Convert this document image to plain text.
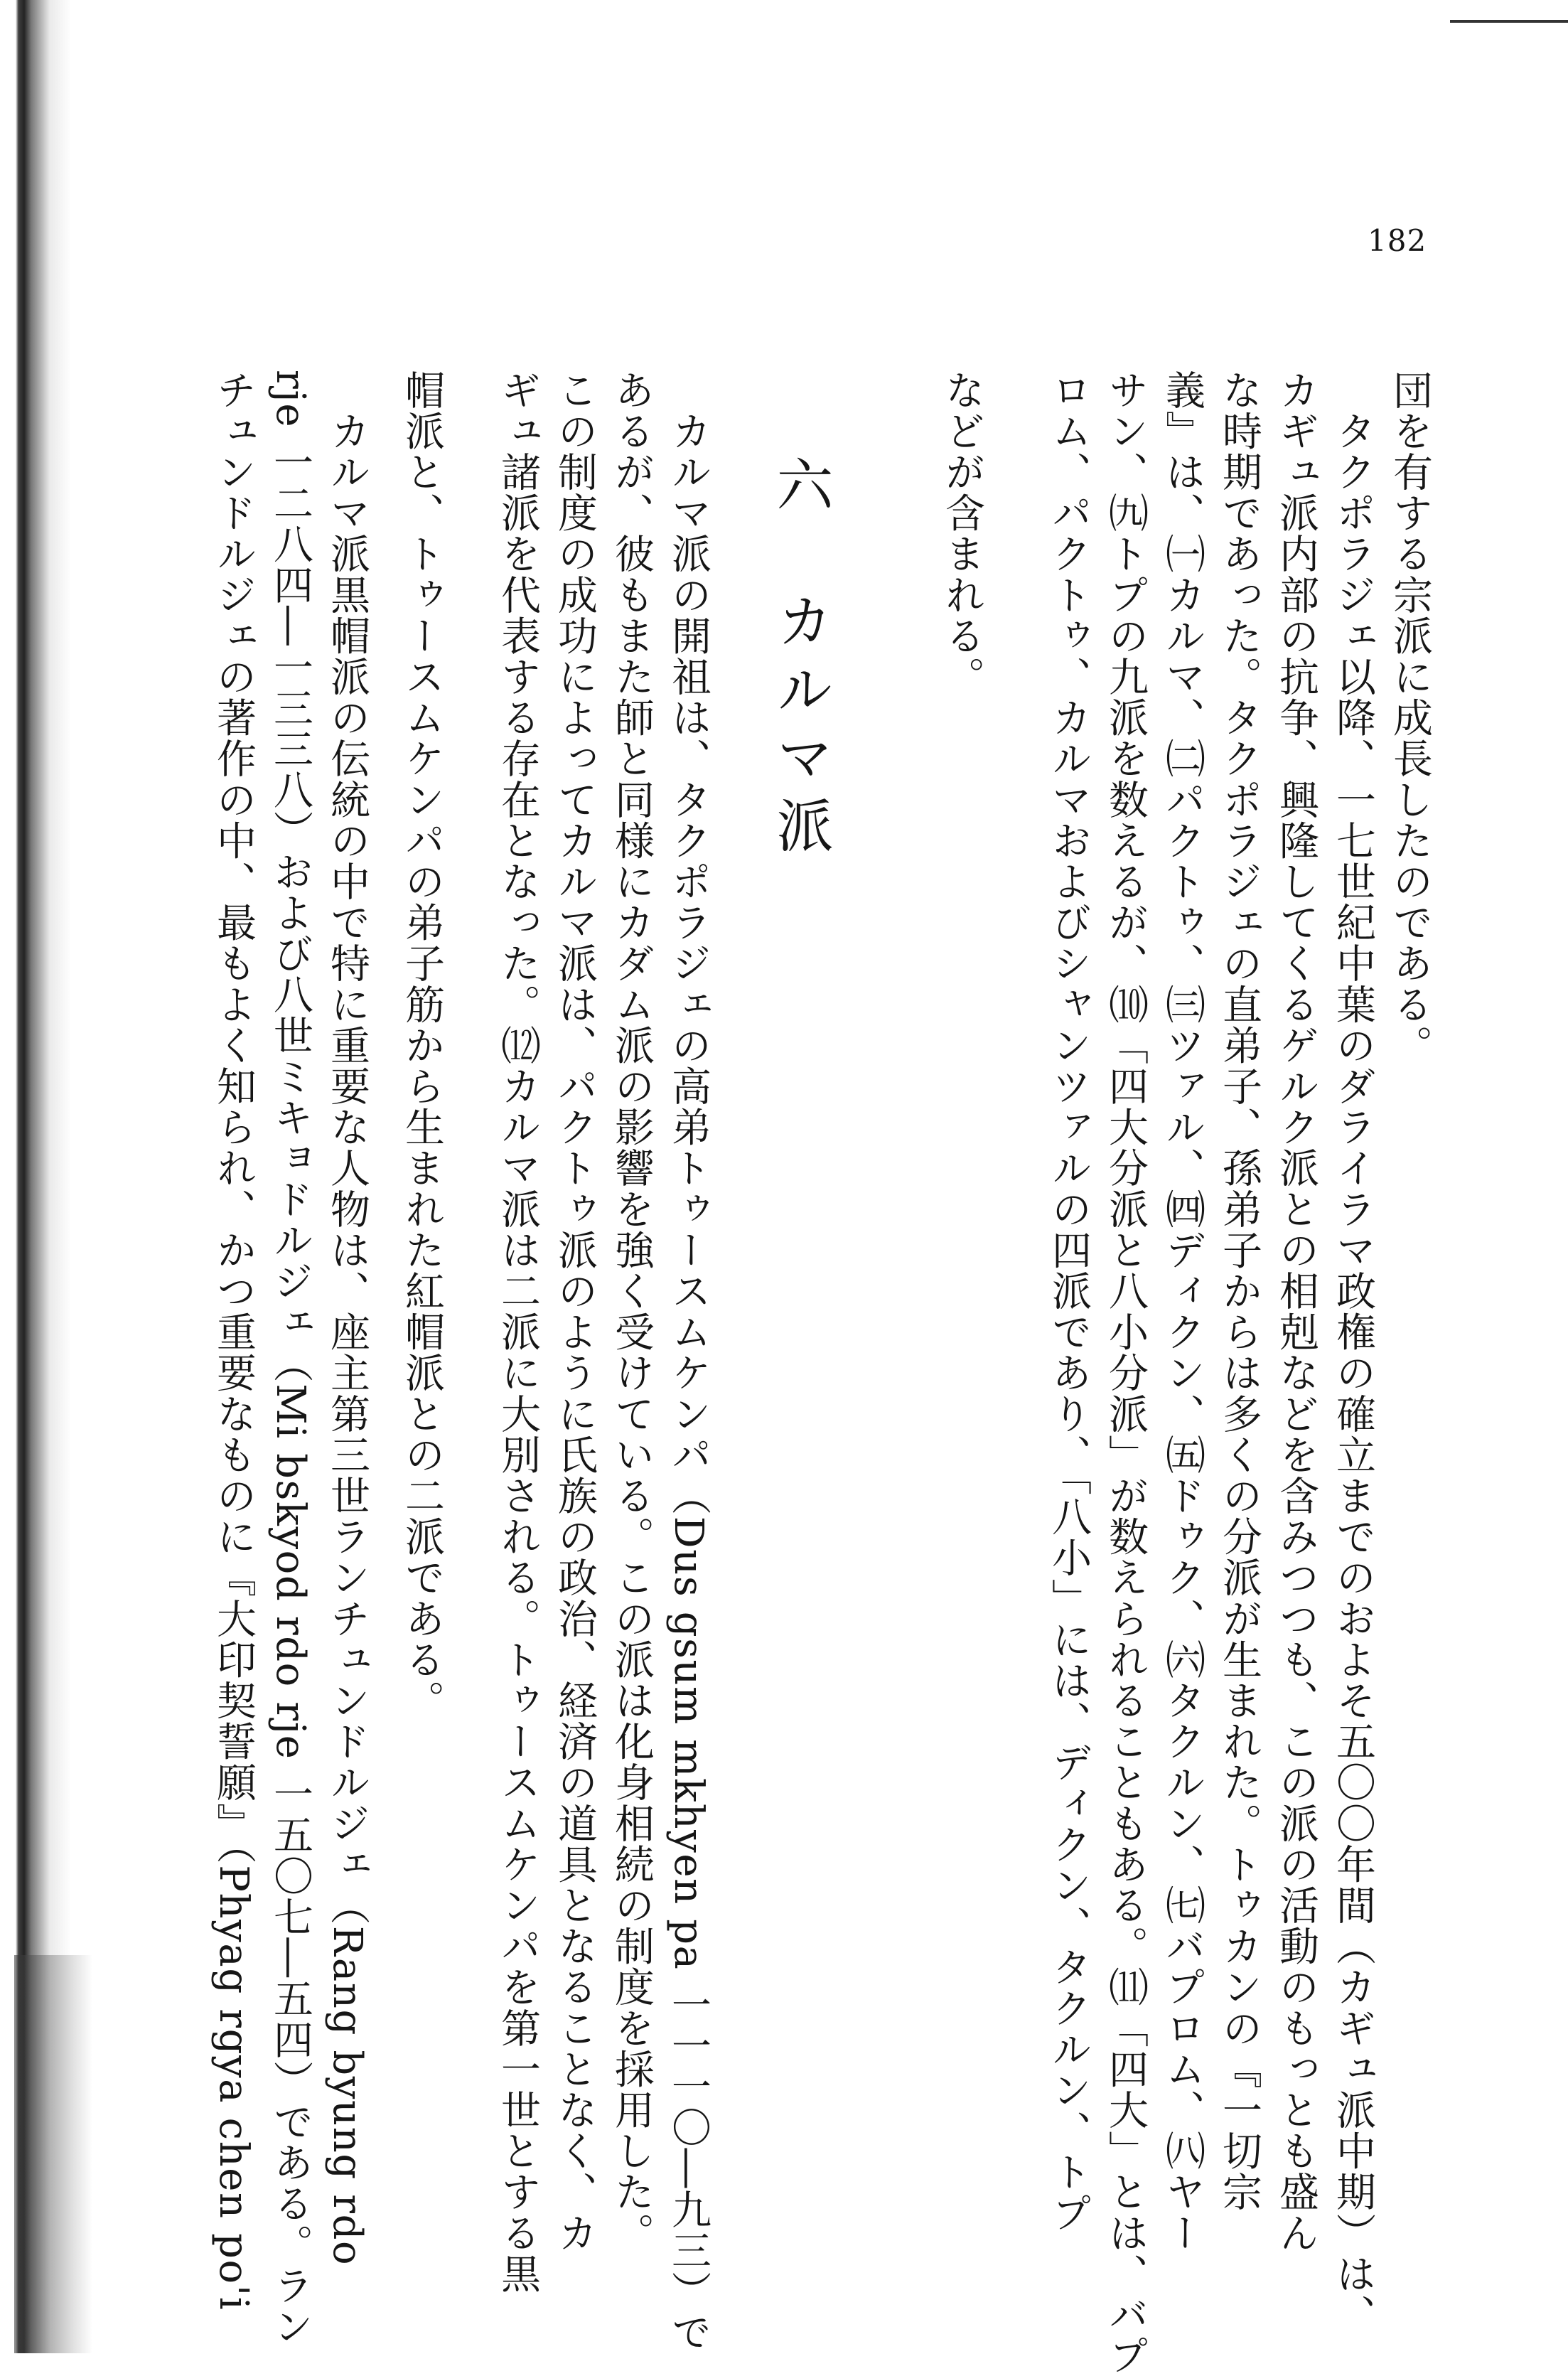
182
団を有する宗派に成長したのである。
　タクポラジェ以降、一七世紀中葉のダライラマ政権の確立までのおよそ五〇〇年間（カギュ派中期）は、
カギュ派内部の抗争、興隆してくるゲルク派との相剋などを含みつつも、この派の活動のもっとも盛ん
な時期であった。タクポラジェの直弟子、孫弟子からは多くの分派が生まれた。トゥカンの『一切宗
義』は、㈠カルマ、㈡パクトゥ、㈢ツァル、㈣ディクン、㈤ドゥク、㈥タクルン、㈦バプロム、㈧ヤー
サン、㈨トプの九派を数えるが、⑽「四大分派と八小分派」が数えられることもある。⑾「四大」とは、バプ
ロム、パクトゥ、カルマおよびシャンツァルの四派であり、「八小」には、ディクン、タクルン、トプ
などが含まれる。
六　カルマ派
　カルマ派の開祖は、タクポラジェの高弟トゥースムケンパ（Dus gsum mkhyen pa 一一一〇―九三）で
あるが、彼もまた師と同様にカダム派の影響を強く受けている。この派は化身相続の制度を採用した。
この制度の成功によってカルマ派は、パクトゥ派のように氏族の政治、経済の道具となることなく、カ
ギュ諸派を代表する存在となった。⑿カルマ派は二派に大別される。トゥースムケンパを第一世とする黒
帽派と、トゥースムケンパの弟子筋から生まれた紅帽派との二派である。
　カルマ派黒帽派の伝統の中で特に重要な人物は、座主第三世ランチュンドルジェ（Rang byung rdo
rje 一二八四―一三三八）および八世ミキョドルジェ（Mi bskyod rdo rje 一五〇七―五四）である。ラン
チュンドルジェの著作の中、最もよく知られ、かつ重要なものに『大印契誓願』（Phyag rgya chen po'i
